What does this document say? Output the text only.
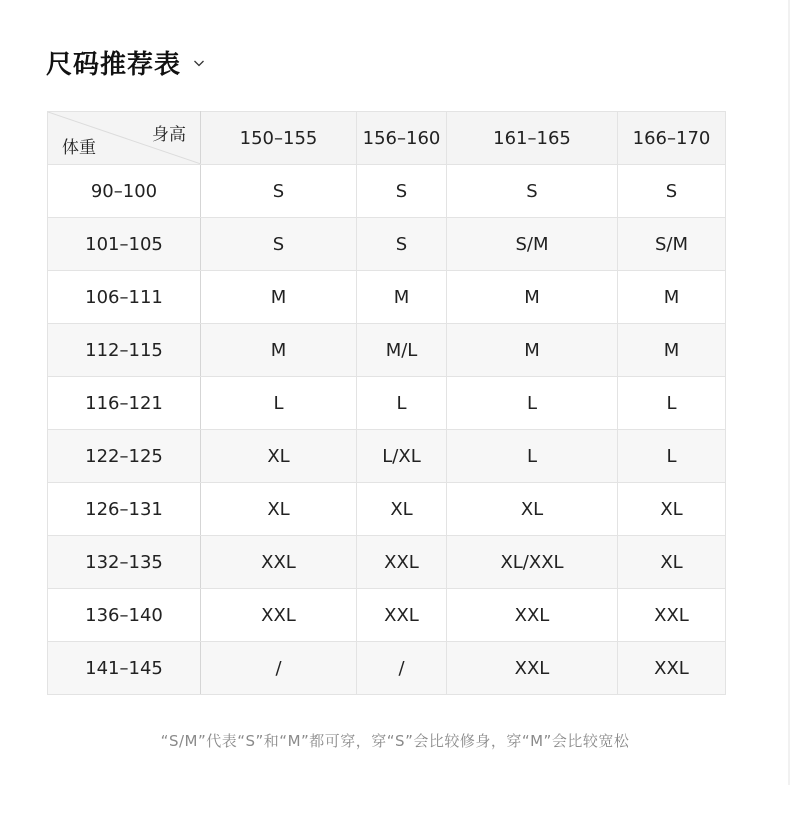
尺码推荐表
身高
体重	150–155	156–160	161–165	166–170
90–100	S	S	S	S
101–105	S	S	S/M	S/M
106–111	M	M	M	M
112–115	M	M/L	M	M
116–121	L	L	L	L
122–125	XL	L/XL	L	L
126–131	XL	XL	XL	XL
132–135	XXL	XXL	XL/XXL	XL
136–140	XXL	XXL	XXL	XXL
141–145	/	/	XXL	XXL
“S/M”代表“S”和“M”都可穿，穿“S”会比较修身，穿“M”会比较宽松
